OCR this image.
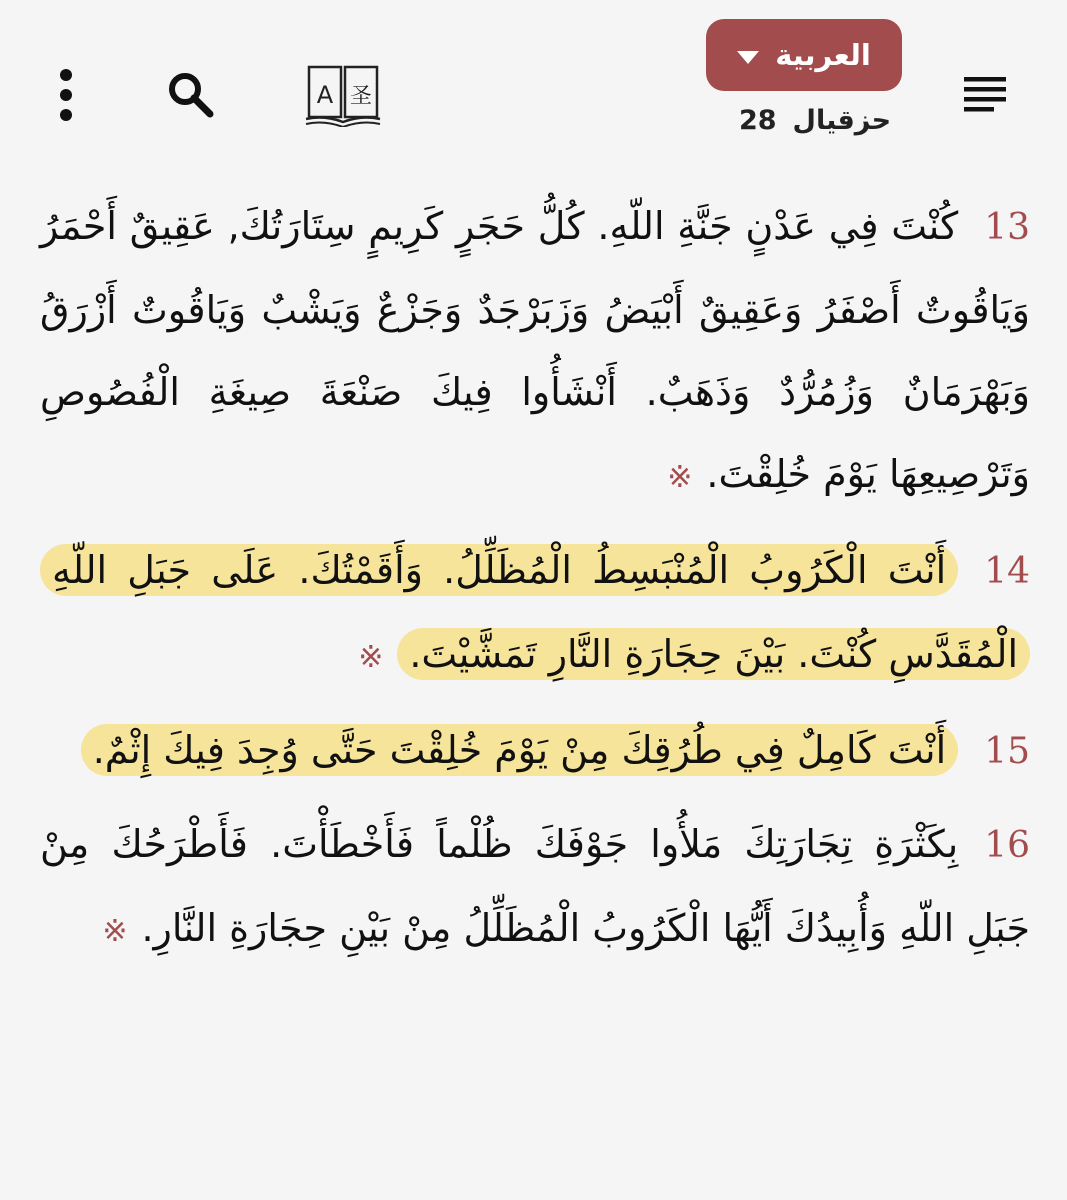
A 圣
العربية
28 حزقيال

13كُنْتَ فِي عَدْنٍ جَنَّةِ اللّهِ. كُلُّ حَجَرٍ كَرِيمٍ سِتَارَتُكَ, عَقِيقٌ أَحْمَرُ وَيَاقُوتٌ أَصْفَرُ وَعَقِيقٌ أَبْيَضُ وَزَبَرْجَدٌ وَجَزْعٌ وَيَشْبٌ وَيَاقُوتٌ أَزْرَقُ وَبَهْرَمَانٌ وَزُمُرُّدٌ وَذَهَبٌ. أَنْشَأُوا فِيكَ صَنْعَةَ صِيغَةِ الْفُصُوصِ وَتَرْصِيعِهَا يَوْمَ خُلِقْتَ.※

14أَنْتَ الْكَرُوبُ الْمُنْبَسِطُ الْمُظَلِّلُ. وَأَقَمْتُكَ. عَلَى جَبَلِ اللّهِ الْمُقَدَّسِ كُنْتَ. بَيْنَ حِجَارَةِ النَّارِ تَمَشَّيْتَ.※

15أَنْتَ كَامِلٌ فِي طُرُقِكَ مِنْ يَوْمَ خُلِقْتَ حَتَّى وُجِدَ فِيكَ إِثْمٌ.

16بِكَثْرَةِ تِجَارَتِكَ مَلأُوا جَوْفَكَ ظُلْماً فَأَخْطَأْتَ. فَأَطْرَحُكَ مِنْ جَبَلِ اللّهِ وَأُبِيدُكَ أَيُّهَا الْكَرُوبُ الْمُظَلِّلُ مِنْ بَيْنِ حِجَارَةِ النَّارِ.※
